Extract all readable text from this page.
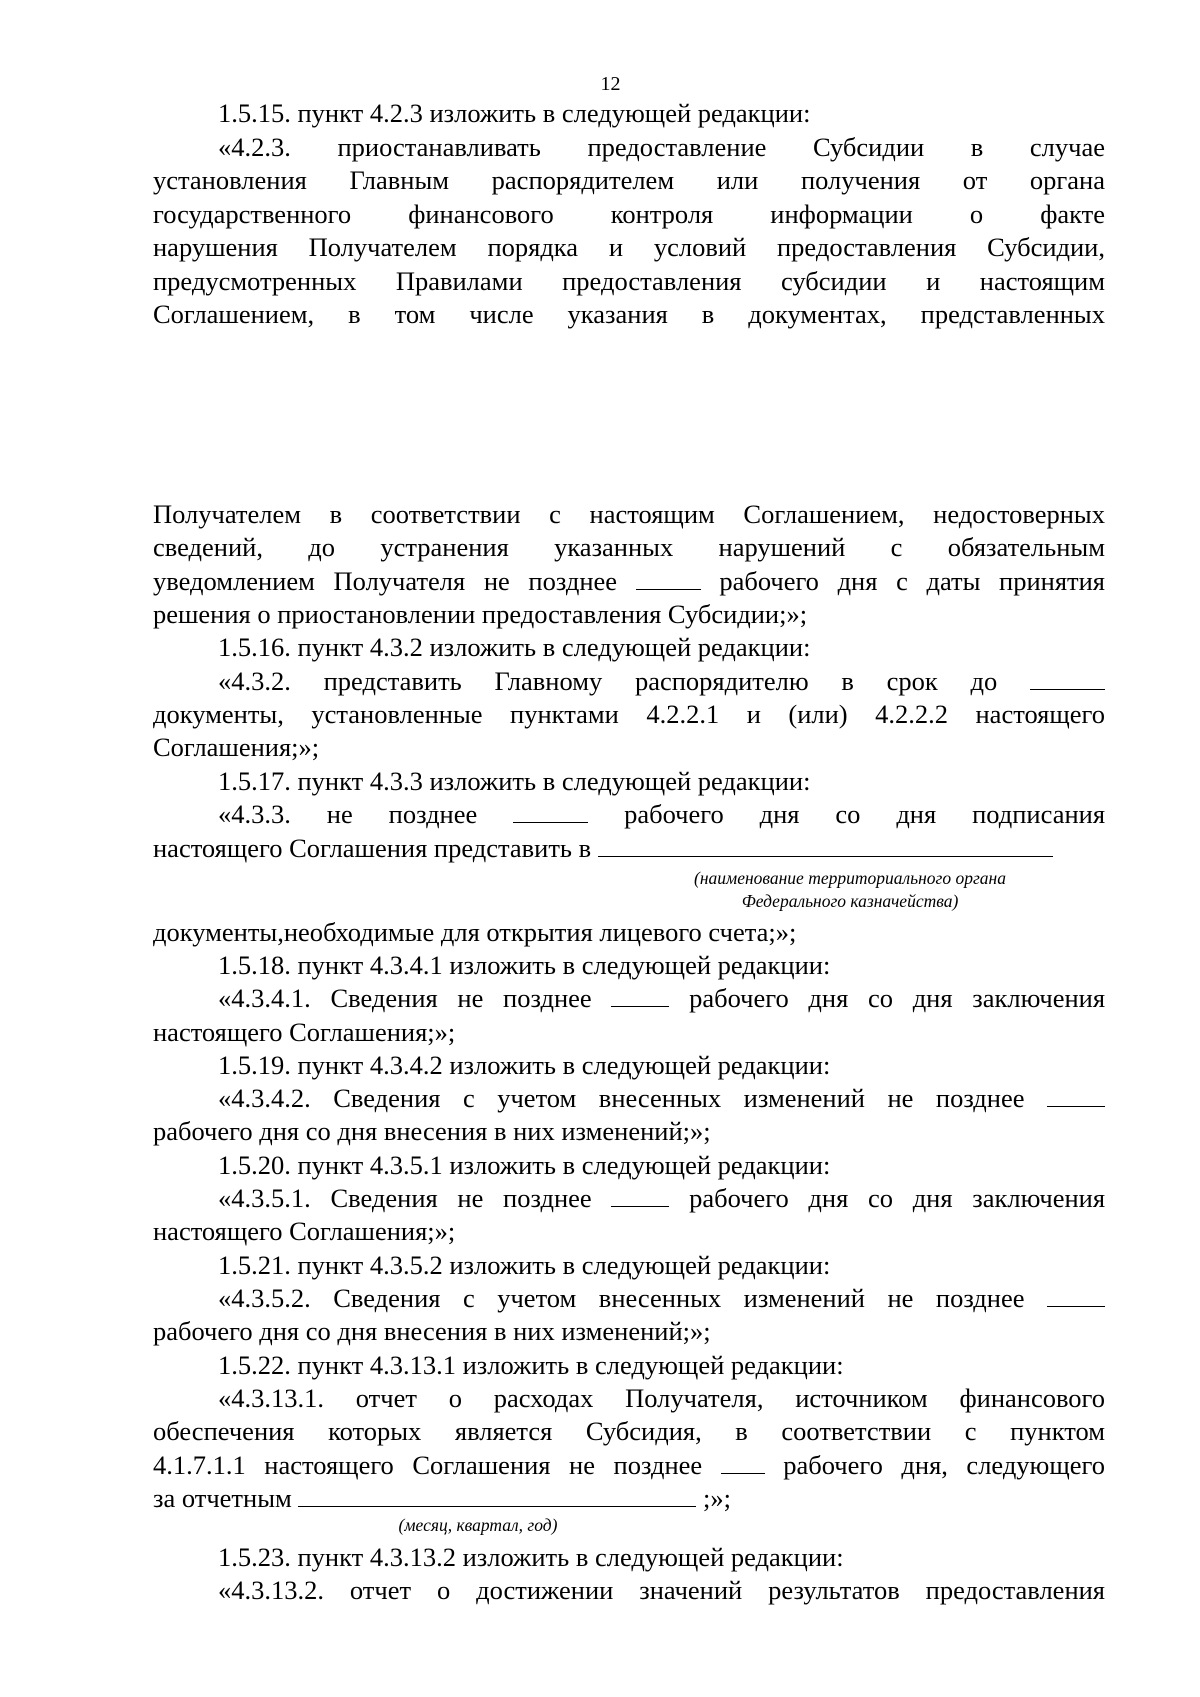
12
1.5.15. пункт 4.2.3 изложить в следующей редакции:
«4.2.3. приостанавливать предоставление Субсидии в случае
установления Главным распорядителем или получения от органа
государственного финансового контроля информации о факте
нарушения Получателем порядка и условий предоставления Субсидии,
предусмотренных Правилами предоставления субсидии и настоящим
Соглашением, в том числе указания в документах, представленных
Получателем в соответствии с настоящим Соглашением, недостоверных
сведений, до устранения указанных нарушений с обязательным
уведомлением Получателя не позднее	рабочего дня с даты принятия
решения о приостановлении предоставления Субсидии;»;
1.5.16. пункт 4.3.2 изложить в следующей редакции:
«4.3.2. представить Главному распорядителю в срок до
документы, установленные пунктами 4.2.2.1 и (или) 4.2.2.2 настоящего
Соглашения;»;
1.5.17. пункт 4.3.3 изложить в следующей редакции:
«4.3.3. не позднее	рабочего дня со дня подписания
настоящего Соглашения представить в
(наименование территориального органа
Федерального казначейства)
документы,необходимые для открытия лицевого счета;»;
1.5.18. пункт 4.3.4.1 изложить в следующей редакции:
«4.3.4.1. Сведения не позднее	рабочего дня со дня заключения
настоящего Соглашения;»;
1.5.19. пункт 4.3.4.2 изложить в следующей редакции:
«4.3.4.2. Сведения с учетом внесенных изменений не позднее
рабочего дня со дня внесения в них изменений;»;
1.5.20. пункт 4.3.5.1 изложить в следующей редакции:
«4.3.5.1. Сведения не позднее	рабочего дня со дня заключения
настоящего Соглашения;»;
1.5.21. пункт 4.3.5.2 изложить в следующей редакции:
«4.3.5.2. Сведения с учетом внесенных изменений не позднее
рабочего дня со дня внесения в них изменений;»;
1.5.22. пункт 4.3.13.1 изложить в следующей редакции:
«4.3.13.1. отчет о расходах Получателя, источником финансового
обеспечения которых является Субсидия, в соответствии с пунктом
4.1.7.1.1 настоящего Соглашения не позднее	рабочего дня, следующего
за отчетным	;»;
(месяц, квартал, год)
1.5.23. пункт 4.3.13.2 изложить в следующей редакции:
«4.3.13.2. отчет о достижении значений результатов предоставления
